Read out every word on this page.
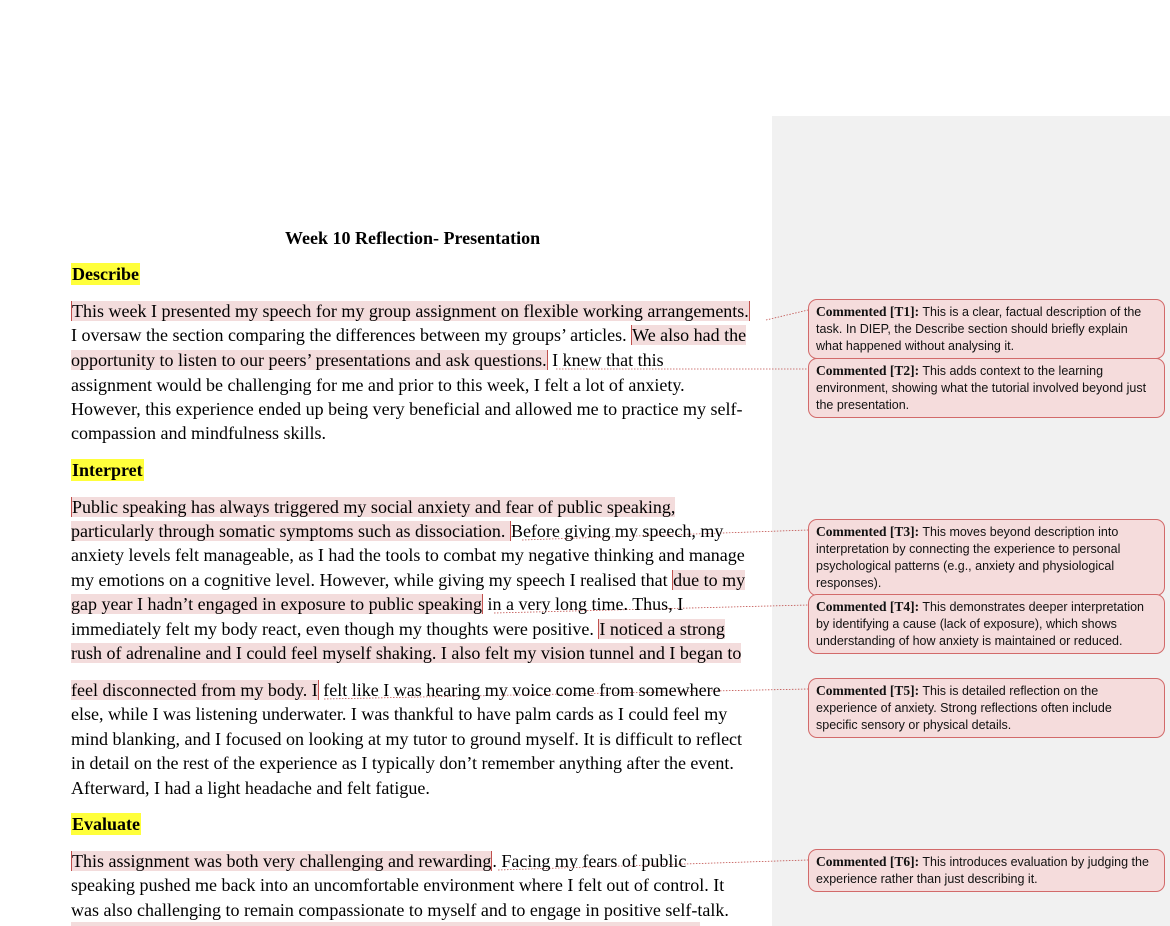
Week 10 Reflection- Presentation
Describe
This week I presented my speech for my group assignment on flexible working arrangements.
I oversaw the section comparing the differences between my groups’ articles. We also had the
opportunity to listen to our peers’ presentations and ask questions. I knew that this
assignment would be challenging for me and prior to this week, I felt a lot of anxiety.
However, this experience ended up being very beneficial and allowed me to practice my self-
compassion and mindfulness skills.
Interpret
Public speaking has always triggered my social anxiety and fear of public speaking,
particularly through somatic symptoms such as dissociation. Before giving my speech, my
anxiety levels felt manageable, as I had the tools to combat my negative thinking and manage
my emotions on a cognitive level. However, while giving my speech I realised that due to my
gap year I hadn’t engaged in exposure to public speaking in a very long time. Thus, I
immediately felt my body react, even though my thoughts were positive. I noticed a strong
rush of adrenaline and I could feel myself shaking. I also felt my vision tunnel and I began to
feel disconnected from my body. I felt like I was hearing my voice come from somewhere
else, while I was listening underwater. I was thankful to have palm cards as I could feel my
mind blanking, and I focused on looking at my tutor to ground myself. It is difficult to reflect
in detail on the rest of the experience as I typically don’t remember anything after the event.
Afterward, I had a light headache and felt fatigue.
Evaluate
This assignment was both very challenging and rewarding. Facing my fears of public
speaking pushed me back into an uncomfortable environment where I felt out of control. It
was also challenging to remain compassionate to myself and to engage in positive self-talk.
Commented [T1]: This is a clear, factual description of the task. In DIEP, the Describe section should briefly explain what happened without analysing it.
Commented [T2]: This adds context to the learning environment, showing what the tutorial involved beyond just the presentation.
Commented [T3]: This moves beyond description into interpretation by connecting the experience to personal psychological patterns (e.g., anxiety and physiological responses).
Commented [T4]: This demonstrates deeper interpretation by identifying a cause (lack of exposure), which shows understanding of how anxiety is maintained or reduced.
Commented [T5]: This is detailed reflection on the experience of anxiety. Strong reflections often include specific sensory or physical details.
Commented [T6]: This introduces evaluation by judging the experience rather than just describing it.
